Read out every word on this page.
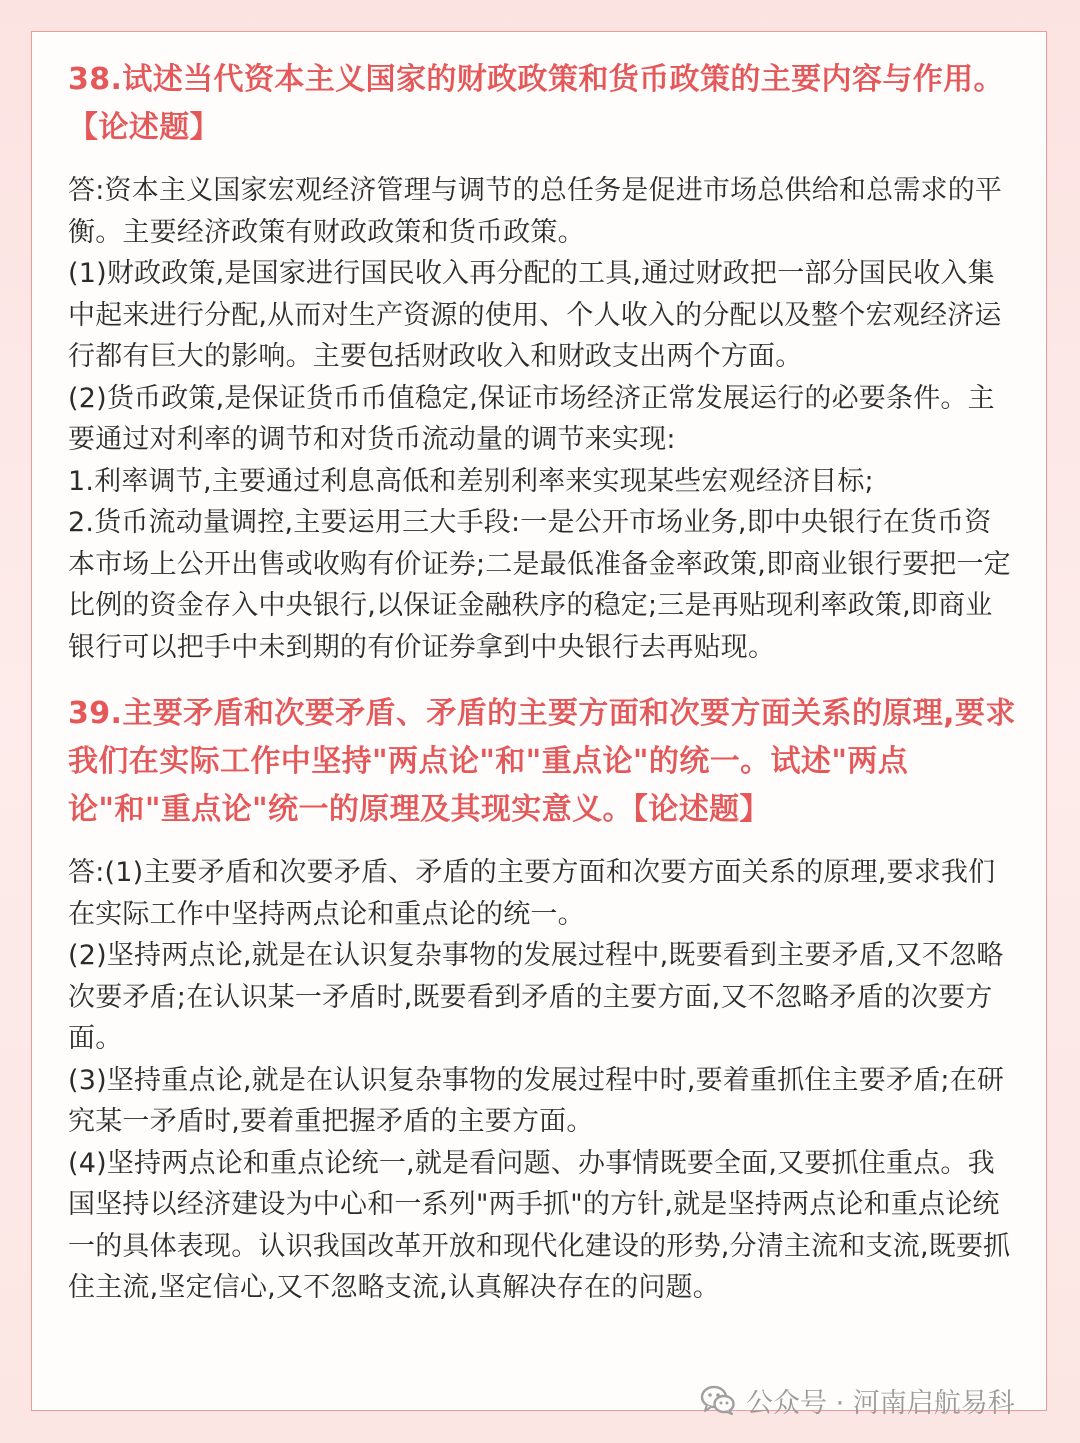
38.试述当代资本主义国家的财政政策和货币政策的主要内容与作用。【论述题】

答:资本主义国家宏观经济管理与调节的总任务是促进市场总供给和总需求的平衡。主要经济政策有财政政策和货币政策。

(1)财政政策,是国家进行国民收入再分配的工具,通过财政把一部分国民收入集中起来进行分配,从而对生产资源的使用、个人收入的分配以及整个宏观经济运行都有巨大的影响。主要包括财政收入和财政支出两个方面。

(2)货币政策,是保证货币币值稳定,保证市场经济正常发展运行的必要条件。主要通过对利率的调节和对货币流动量的调节来实现:

1.利率调节,主要通过利息高低和差别利率来实现某些宏观经济目标;

2.货币流动量调控,主要运用三大手段:一是公开市场业务,即中央银行在货币资本市场上公开出售或收购有价证券;二是最低准备金率政策,即商业银行要把一定比例的资金存入中央银行,以保证金融秩序的稳定;三是再贴现利率政策,即商业银行可以把手中未到期的有价证券拿到中央银行去再贴现。

39.主要矛盾和次要矛盾、矛盾的主要方面和次要方面关系的原理,要求我们在实际工作中坚持"两点论"和"重点论"的统一。试述"两点论"和"重点论"统一的原理及其现实意义。【论述题】

答:(1)主要矛盾和次要矛盾、矛盾的主要方面和次要方面关系的原理,要求我们在实际工作中坚持两点论和重点论的统一。

(2)坚持两点论,就是在认识复杂事物的发展过程中,既要看到主要矛盾,又不忽略次要矛盾;在认识某一矛盾时,既要看到矛盾的主要方面,又不忽略矛盾的次要方面。

(3)坚持重点论,就是在认识复杂事物的发展过程中时,要着重抓住主要矛盾;在研究某一矛盾时,要着重把握矛盾的主要方面。

(4)坚持两点论和重点论统一,就是看问题、办事情既要全面,又要抓住重点。我国坚持以经济建设为中心和一系列"两手抓"的方针,就是坚持两点论和重点论统一的具体表现。认识我国改革开放和现代化建设的形势,分清主流和支流,既要抓住主流,坚定信心,又不忽略支流,认真解决存在的问题。

公众号 · 河南启航易科
